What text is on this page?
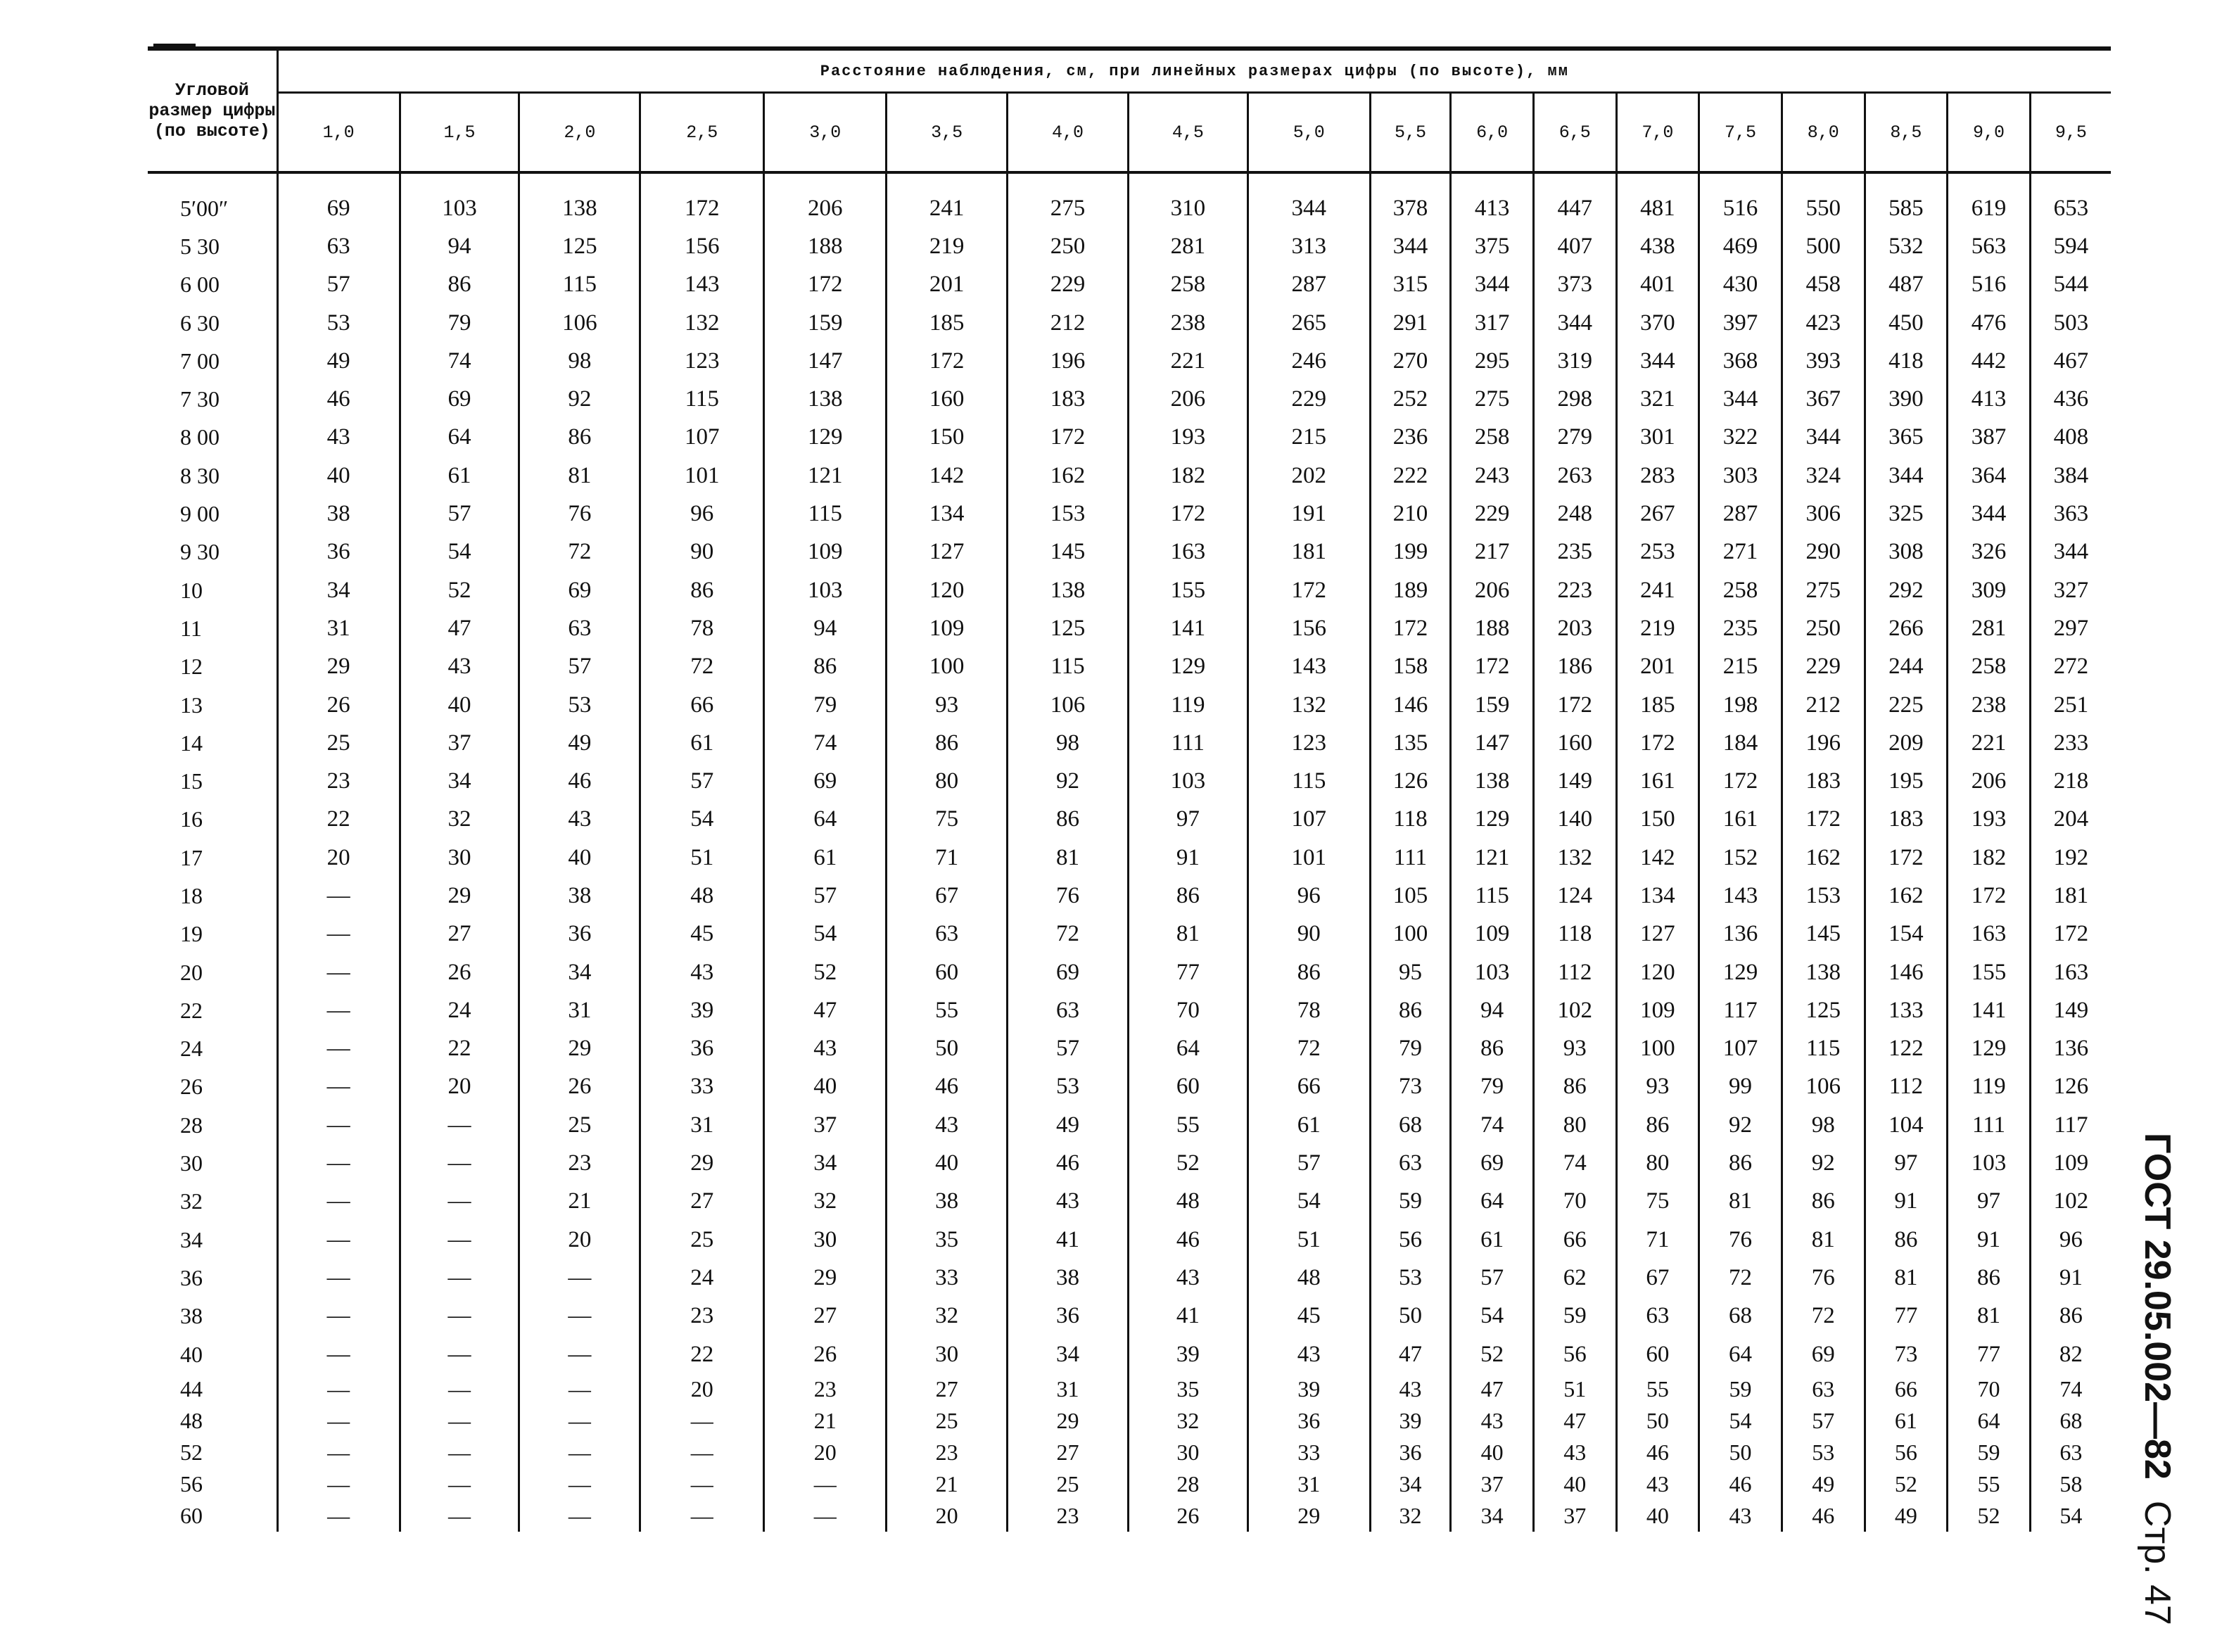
Угловой
размер цифры
(по высоте)	Расстояние наблюдения, см, при линейных размерах цифры (по высоте), мм																	
	1,0	1,5	2,0	2,5	3,0	3,5	4,0	4,5	5,0	5,5	6,0	6,5	7,0	7,5	8,0	8,5	9,0	9,5

5′00″	69	103	138	172	206	241	275	310	344	378	413	447	481	516	550	585	619	653
5 30	63	94	125	156	188	219	250	281	313	344	375	407	438	469	500	532	563	594
6 00	57	86	115	143	172	201	229	258	287	315	344	373	401	430	458	487	516	544
6 30	53	79	106	132	159	185	212	238	265	291	317	344	370	397	423	450	476	503
7 00	49	74	98	123	147	172	196	221	246	270	295	319	344	368	393	418	442	467
7 30	46	69	92	115	138	160	183	206	229	252	275	298	321	344	367	390	413	436
8 00	43	64	86	107	129	150	172	193	215	236	258	279	301	322	344	365	387	408
8 30	40	61	81	101	121	142	162	182	202	222	243	263	283	303	324	344	364	384
9 00	38	57	76	96	115	134	153	172	191	210	229	248	267	287	306	325	344	363
9 30	36	54	72	90	109	127	145	163	181	199	217	235	253	271	290	308	326	344
10	34	52	69	86	103	120	138	155	172	189	206	223	241	258	275	292	309	327
11	31	47	63	78	94	109	125	141	156	172	188	203	219	235	250	266	281	297
12	29	43	57	72	86	100	115	129	143	158	172	186	201	215	229	244	258	272
13	26	40	53	66	79	93	106	119	132	146	159	172	185	198	212	225	238	251
14	25	37	49	61	74	86	98	111	123	135	147	160	172	184	196	209	221	233
15	23	34	46	57	69	80	92	103	115	126	138	149	161	172	183	195	206	218
16	22	32	43	54	64	75	86	97	107	118	129	140	150	161	172	183	193	204
17	20	30	40	51	61	71	81	91	101	111	121	132	142	152	162	172	182	192
18	—	29	38	48	57	67	76	86	96	105	115	124	134	143	153	162	172	181
19	—	27	36	45	54	63	72	81	90	100	109	118	127	136	145	154	163	172
20	—	26	34	43	52	60	69	77	86	95	103	112	120	129	138	146	155	163
22	—	24	31	39	47	55	63	70	78	86	94	102	109	117	125	133	141	149
24	—	22	29	36	43	50	57	64	72	79	86	93	100	107	115	122	129	136
26	—	20	26	33	40	46	53	60	66	73	79	86	93	99	106	112	119	126
28	—	—	25	31	37	43	49	55	61	68	74	80	86	92	98	104	111	117
30	—	—	23	29	34	40	46	52	57	63	69	74	80	86	92	97	103	109
32	—	—	21	27	32	38	43	48	54	59	64	70	75	81	86	91	97	102
34	—	—	20	25	30	35	41	46	51	56	61	66	71	76	81	86	91	96
36	—	—	—	24	29	33	38	43	48	53	57	62	67	72	76	81	86	91
38	—	—	—	23	27	32	36	41	45	50	54	59	63	68	72	77	81	86
40	—	—	—	22	26	30	34	39	43	47	52	56	60	64	69	73	77	82
44	—	—	—	20	23	27	31	35	39	43	47	51	55	59	63	66	70	74
48	—	—	—	—	21	25	29	32	36	39	43	47	50	54	57	61	64	68
52	—	—	—	—	20	23	27	30	33	36	40	43	46	50	53	56	59	63
56	—	—	—	—	—	21	25	28	31	34	37	40	43	46	49	52	55	58
60	—	—	—	—	—	20	23	26	29	32	34	37	40	43	46	49	52	54
ГОСТ 29.05.002—82Стр. 47
